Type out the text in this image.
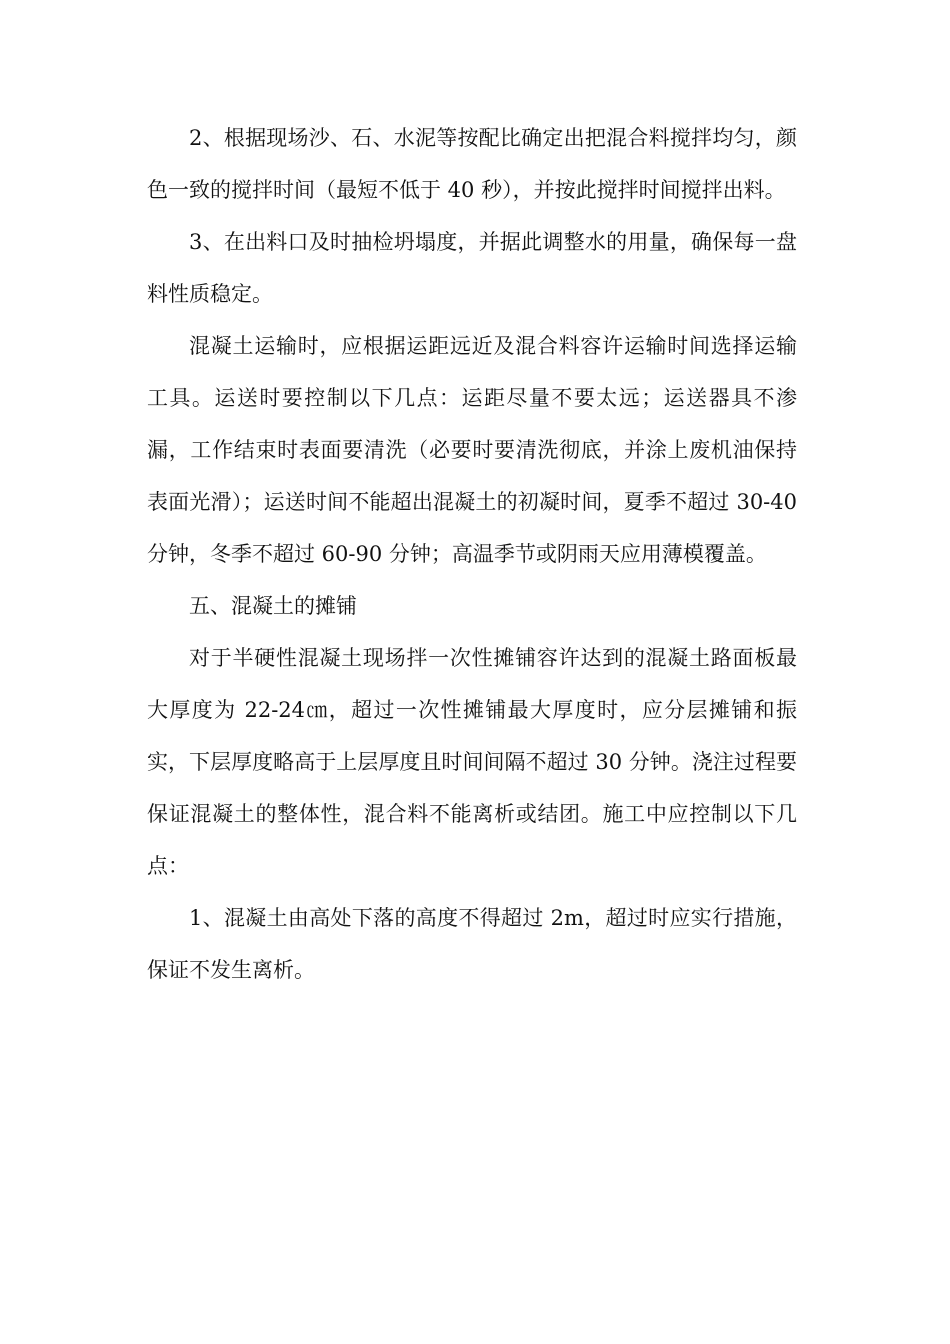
2、根据现场沙、石、水泥等按配比确定出把混合料搅拌均匀，颜色一致的搅拌时间（最短不低于 40 秒），并按此搅拌时间搅拌出料。

3、在出料口及时抽检坍塌度，并据此调整水的用量，确保每一盘料性质稳定。

混凝土运输时，应根据运距远近及混合料容许运输时间选择运输工具。运送时要控制以下几点：运距尽量不要太远；运送器具不渗漏，工作结束时表面要清洗（必要时要清洗彻底，并涂上废机油保持表面光滑）；运送时间不能超出混凝土的初凝时间，夏季不超过 30-40 分钟，冬季不超过 60-90 分钟；高温季节或阴雨天应用薄模覆盖。

五、混凝土的摊铺

对于半硬性混凝土现场拌一次性摊铺容许达到的混凝土路面板最大厚度为 22-24㎝，超过一次性摊铺最大厚度时，应分层摊铺和振实，下层厚度略高于上层厚度且时间间隔不超过 30 分钟。浇注过程要保证混凝土的整体性，混合料不能离析或结团。施工中应控制以下几点：

1、混凝土由高处下落的高度不得超过 2m，超过时应实行措施，保证不发生离析。
